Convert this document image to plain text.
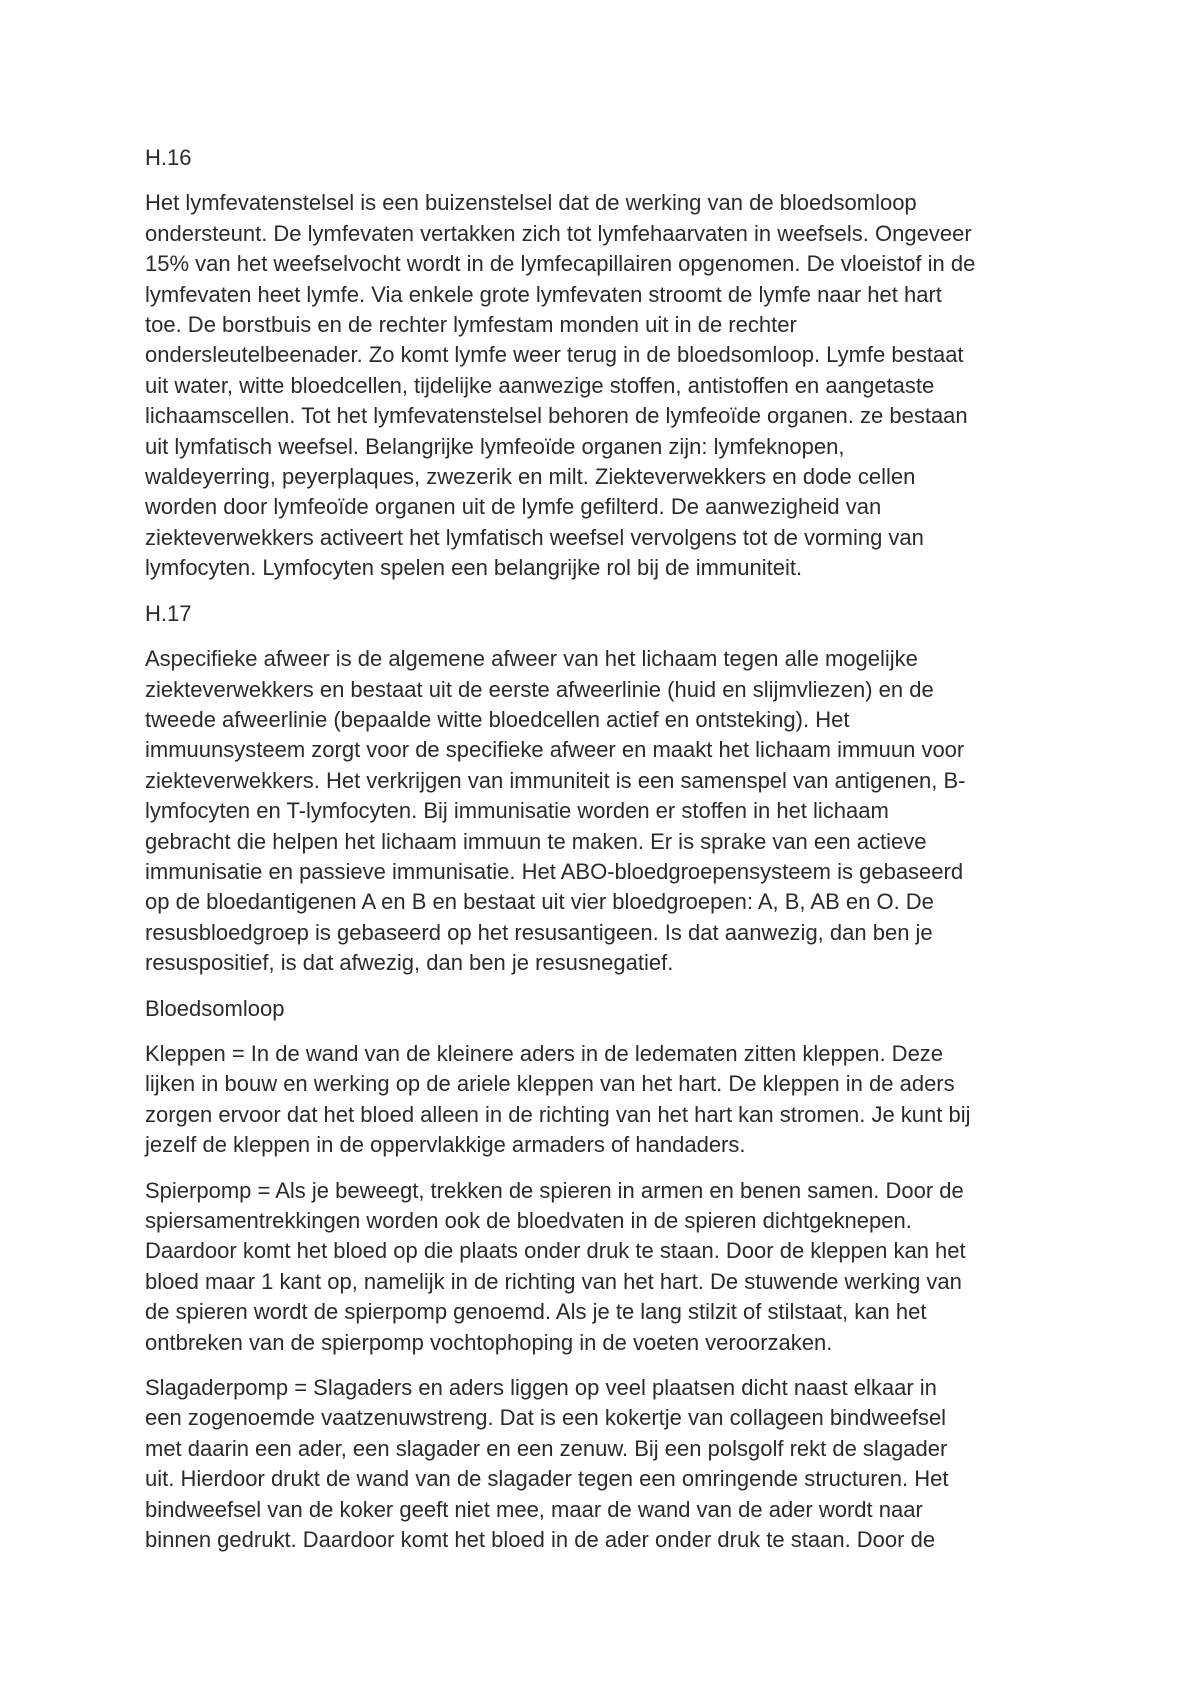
H.16
Het lymfevatenstelsel is een buizenstelsel dat de werking van de bloedsomloop
ondersteunt. De lymfevaten vertakken zich tot lymfehaarvaten in weefsels. Ongeveer
15% van het weefselvocht wordt in de lymfecapillairen opgenomen. De vloeistof in de
lymfevaten heet lymfe. Via enkele grote lymfevaten stroomt de lymfe naar het hart
toe. De borstbuis en de rechter lymfestam monden uit in de rechter
ondersleutelbeenader. Zo komt lymfe weer terug in de bloedsomloop. Lymfe bestaat
uit water, witte bloedcellen, tijdelijke aanwezige stoffen, antistoffen en aangetaste
lichaamscellen. Tot het lymfevatenstelsel behoren de lymfeoïde organen. ze bestaan
uit lymfatisch weefsel. Belangrijke lymfeoïde organen zijn: lymfeknopen,
waldeyerring, peyerplaques, zwezerik en milt. Ziekteverwekkers en dode cellen
worden door lymfeoïde organen uit de lymfe gefilterd. De aanwezigheid van
ziekteverwekkers activeert het lymfatisch weefsel vervolgens tot de vorming van
lymfocyten. Lymfocyten spelen een belangrijke rol bij de immuniteit.
H.17
Aspecifieke afweer is de algemene afweer van het lichaam tegen alle mogelijke
ziekteverwekkers en bestaat uit de eerste afweerlinie (huid en slijmvliezen) en de
tweede afweerlinie (bepaalde witte bloedcellen actief en ontsteking). Het
immuunsysteem zorgt voor de specifieke afweer en maakt het lichaam immuun voor
ziekteverwekkers. Het verkrijgen van immuniteit is een samenspel van antigenen, B-
lymfocyten en T-lymfocyten. Bij immunisatie worden er stoffen in het lichaam
gebracht die helpen het lichaam immuun te maken. Er is sprake van een actieve
immunisatie en passieve immunisatie. Het ABO-bloedgroepensysteem is gebaseerd
op de bloedantigenen A en B en bestaat uit vier bloedgroepen: A, B, AB en O. De
resusbloedgroep is gebaseerd op het resusantigeen. Is dat aanwezig, dan ben je
resuspositief, is dat afwezig, dan ben je resusnegatief.
Bloedsomloop
Kleppen = In de wand van de kleinere aders in de ledematen zitten kleppen. Deze
lijken in bouw en werking op de ariele kleppen van het hart. De kleppen in de aders
zorgen ervoor dat het bloed alleen in de richting van het hart kan stromen. Je kunt bij
jezelf de kleppen in de oppervlakkige armaders of handaders.
Spierpomp = Als je beweegt, trekken de spieren in armen en benen samen. Door de
spiersamentrekkingen worden ook de bloedvaten in de spieren dichtgeknepen.
Daardoor komt het bloed op die plaats onder druk te staan. Door de kleppen kan het
bloed maar 1 kant op, namelijk in de richting van het hart. De stuwende werking van
de spieren wordt de spierpomp genoemd. Als je te lang stilzit of stilstaat, kan het
ontbreken van de spierpomp vochtophoping in de voeten veroorzaken.
Slagaderpomp = Slagaders en aders liggen op veel plaatsen dicht naast elkaar in
een zogenoemde vaatzenuwstreng. Dat is een kokertje van collageen bindweefsel
met daarin een ader, een slagader en een zenuw. Bij een polsgolf rekt de slagader
uit. Hierdoor drukt de wand van de slagader tegen een omringende structuren. Het
bindweefsel van de koker geeft niet mee, maar de wand van de ader wordt naar
binnen gedrukt. Daardoor komt het bloed in de ader onder druk te staan. Door de
